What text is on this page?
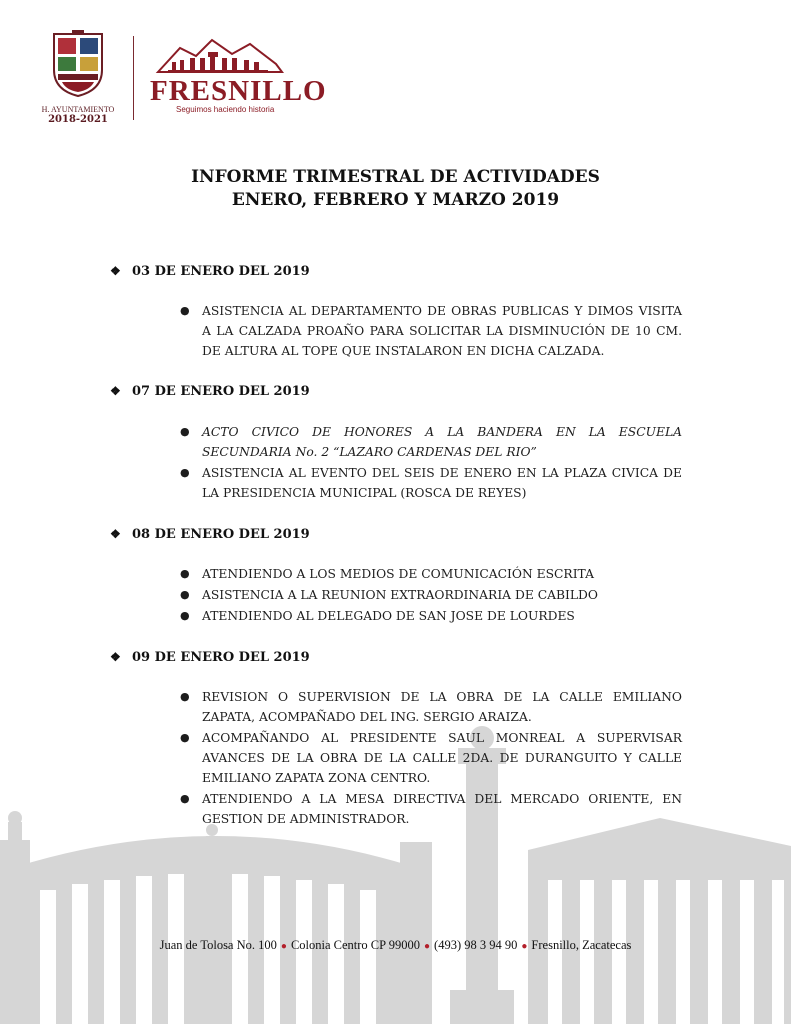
H. AYUNTAMIENTO
2018-2021
FRESNILLO
Seguimos haciendo historia
INFORME TRIMESTRAL DE ACTIVIDADES
ENERO, FEBRERO Y MARZO 2019
❖ 03 DE ENERO DEL 2019
● ASISTENCIA AL DEPARTAMENTO DE OBRAS PUBLICAS Y DIMOS VISITA A LA CALZADA PROAÑO PARA SOLICITAR LA DISMINUCIÓN DE 10 CM. DE ALTURA AL TOPE QUE INSTALARON EN DICHA CALZADA.
❖ 07 DE ENERO DEL 2019
● ACTO CIVICO DE HONORES A LA BANDERA EN LA ESCUELA SECUNDARIA No. 2 “LAZARO CARDENAS DEL RIO”
● ASISTENCIA AL EVENTO DEL SEIS DE ENERO EN LA PLAZA CIVICA DE LA PRESIDENCIA MUNICIPAL (ROSCA DE REYES)
❖ 08 DE ENERO DEL 2019
● ATENDIENDO A LOS MEDIOS DE COMUNICACIÓN ESCRITA
● ASISTENCIA A LA REUNION EXTRAORDINARIA DE CABILDO
● ATENDIENDO AL DELEGADO DE SAN JOSE DE LOURDES
❖ 09 DE ENERO DEL 2019
● REVISION O SUPERVISION DE LA OBRA DE LA CALLE EMILIANO ZAPATA, ACOMPAÑADO DEL ING. SERGIO ARAIZA.
● ACOMPAÑANDO AL PRESIDENTE SAUL MONREAL A SUPERVISAR AVANCES DE LA OBRA DE LA CALLE 2DA. DE DURANGUITO Y CALLE EMILIANO ZAPATA ZONA CENTRO.
● ATENDIENDO A LA MESA DIRECTIVA DEL MERCADO ORIENTE, EN GESTION DE ADMINISTRADOR.
Juan de Tolosa No. 100 ● Colonia Centro CP 99000 ● (493) 98 3 94 90 ● Fresnillo, Zacatecas
